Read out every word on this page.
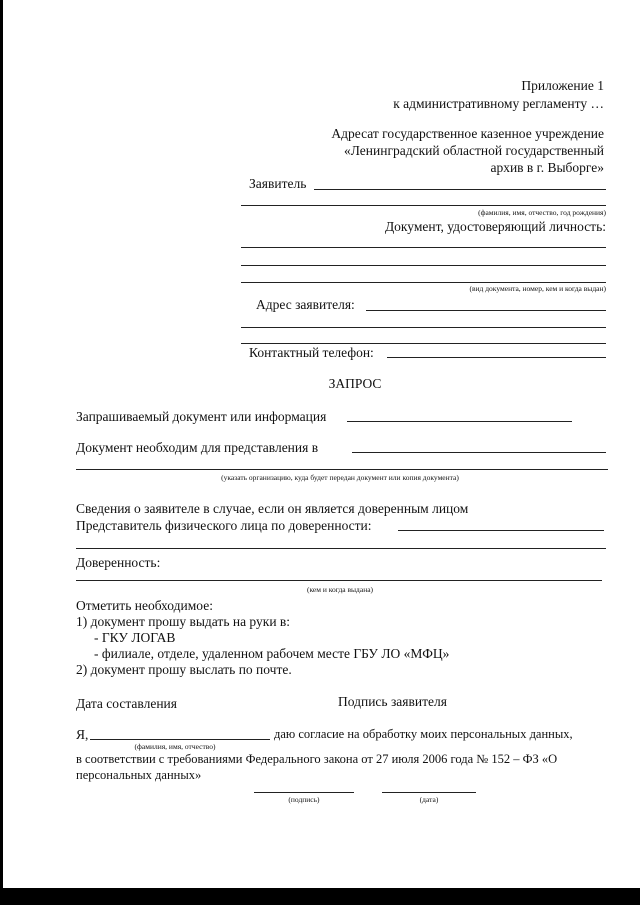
Приложение 1
к административному регламенту …
Адресат государственное казенное учреждение
«Ленинградский областной государственный
архив в г. Выборге»
Заявитель
(фамилия, имя, отчество, год рождения)
Документ, удостоверяющий личность:
(вид документа, номер, кем и когда выдан)
Адрес заявителя:
Контактный телефон:
ЗАПРОС
Запрашиваемый документ или информация
Документ необходим для представления в
(указать организацию, куда будет передан документ или копия документа)
Сведения о заявителе в случае, если он является доверенным лицом
Представитель физического лица по доверенности:
Доверенность:
(кем и когда выдана)
Отметить необходимое:
1) документ прошу выдать на руки в:
- ГКУ ЛОГАВ
- филиале, отделе, удаленном рабочем месте ГБУ ЛО «МФЦ»
2) документ прошу выслать по почте.
Дата составления	Подпись заявителя
Я,	даю согласие на обработку моих персональных данных,
(фамилия, имя, отчество)
в соответствии с требованиями Федерального закона от 27 июля 2006 года № 152 – ФЗ «О
персональных данных»
(подпись)	(дата)
